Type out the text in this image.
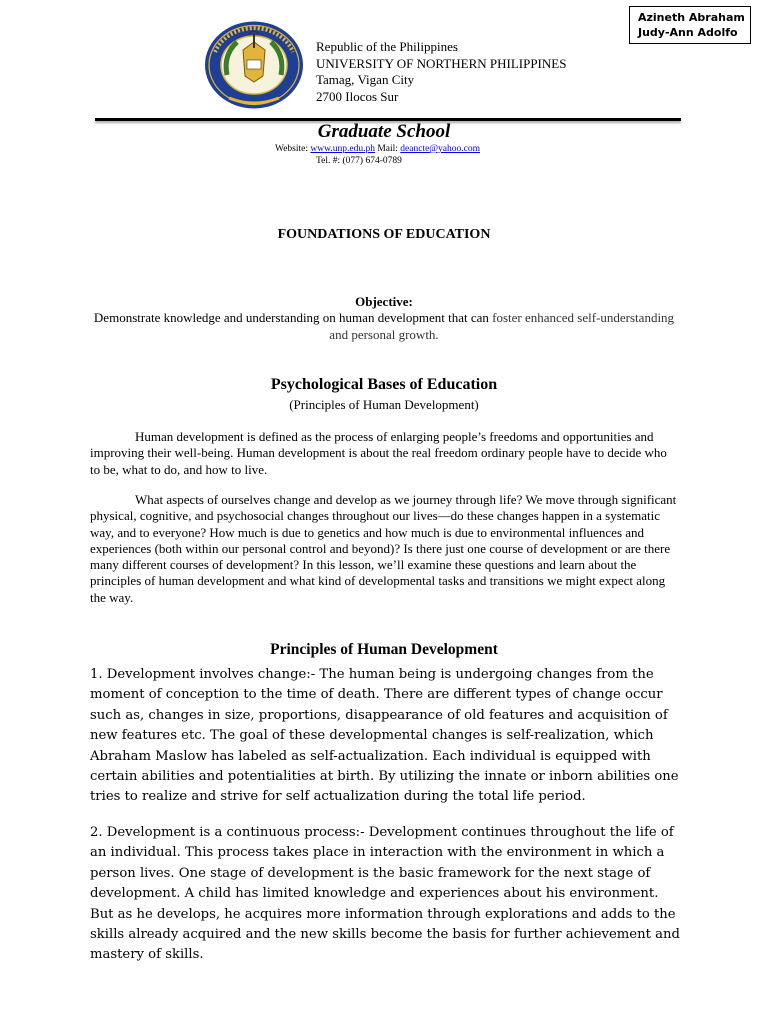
Azineth Abraham
Judy-Ann Adolfo
Republic of the Philippines
UNIVERSITY OF NORTHERN PHILIPPINES
Tamag, Vigan City
2700 Ilocos Sur
Graduate School
Website: www.unp.edu.ph Mail: deancte@yahoo.com
Tel. #: (077) 674-0789
FOUNDATIONS OF EDUCATION
Objective:
Demonstrate knowledge and understanding on human development that can foster enhanced self-understanding and personal growth.
Psychological Bases of Education
(Principles of Human Development)
Human development is defined as the process of enlarging people’s freedoms and opportunities and improving their well-being. Human development is about the real freedom ordinary people have to decide who to be, what to do, and how to live.
What aspects of ourselves change and develop as we journey through life? We move through significant physical, cognitive, and psychosocial changes throughout our lives—do these changes happen in a systematic way, and to everyone? How much is due to genetics and how much is due to environmental influences and experiences (both within our personal control and beyond)? Is there just one course of development or are there many different courses of development? In this lesson, we’ll examine these questions and learn about the principles of human development and what kind of developmental tasks and transitions we might expect along the way.
Principles of Human Development
1. Development involves change:- The human being is undergoing changes from the moment of conception to the time of death. There are different types of change occur such as, changes in size, proportions, disappearance of old features and acquisition of new features etc. The goal of these developmental changes is self-realization, which Abraham Maslow has labeled as self-actualization. Each individual is equipped with certain abilities and potentialities at birth. By utilizing the innate or inborn abilities one tries to realize and strive for self actualization during the total life period.
2. Development is a continuous process:- Development continues throughout the life of an individual. This process takes place in interaction with the environment in which a person lives. One stage of development is the basic framework for the next stage of development. A child has limited knowledge and experiences about his environment. But as he develops, he acquires more information through explorations and adds to the skills already acquired and the new skills become the basis for further achievement and mastery of skills.
